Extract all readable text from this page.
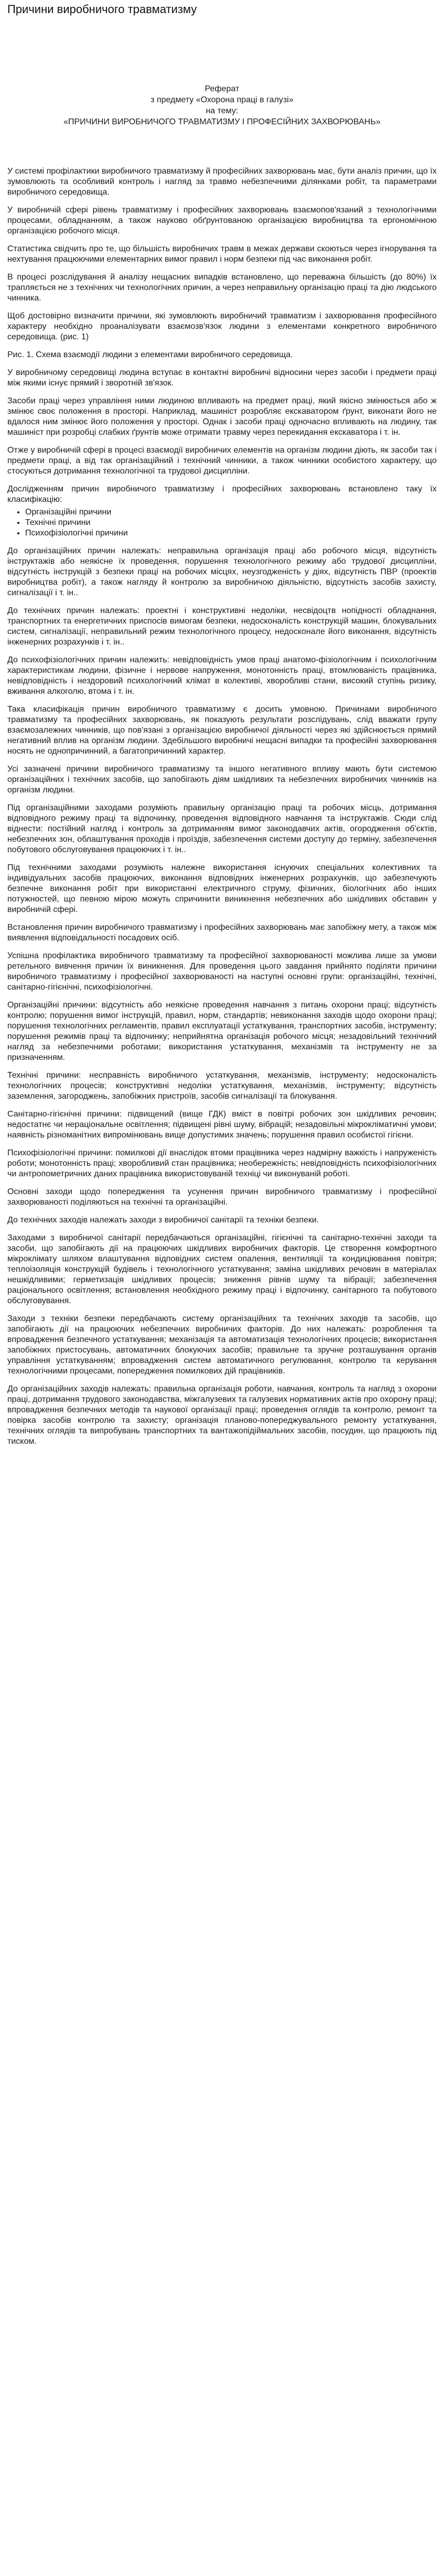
Причини виробничого травматизму

Реферат

з предмету «Охорона праці в галузі»

на тему:

«ПРИЧИНИ ВИРОБНИЧОГО ТРАВМАТИЗМУ І ПРОФЕСІЙНИХ ЗАХВОРЮВАНЬ»

У системі профілактики виробничого травматизму й професійних захворювань має, бути аналіз причин, що їх зумовлюють та особливий контроль і нагляд за травмо небезпечними ділянками робіт, та параметрами виробничого середовища.

У виробничій сфері рівень травматизму і професійних захворювань взаємопов'язаний з технологічними процесами, обладнанням, а також науково обґрунтованою організацією виробництва та ергономічною організацією робочого місця.

Статистика свідчить про те, що більшість виробничих травм в межах держави скоються через ігнорування та нехтування працюючими елементарних вимог правил і норм безпеки під час виконання робіт.

В процесі розслідування й аналізу нещасних випадків встановлено, що переважна більшість (до 80%) їх трапляється не з технічних чи технологічних причин, а через неправильну організацію праці та дію людського чинника.

Щоб достовірно визначити причини, які зумовлюють виробничий травматизм і захворювання професійного характеру необхідно проаналізувати взаємозв'язок людини з елементами конкретного виробничого середовища. (рис. 1)

Рис. 1. Схема взаємодії людини з елементами виробничого середовища.

У виробничому середовищі людина вступає в контактні виробничі відносини через засоби і предмети праці між якими існує прямий і зворотній зв'язок.

Засоби праці через управління ними людиною впливають на предмет праці, який якісно змінюється або ж змінює своє положення в просторі. Наприклад, машиніст розробляє екскаватором ґрунт, виконати його не вдалося ним змінює його положення у просторі. Однак і засоби праці одночасно впливають на людину, так машиніст при розробці слабких ґрунтів може отримати травму через перекидання екскаватора і т. ін.

Отже у виробничій сфері в процесі взаємодії виробничих елементів на організм людини діють, як засоби так і предмети праці, а від так організаційний і технічний чинники, а також чинники особистого характеру, що стосуються дотримання технологічної та трудової дисципліни.

Дослідженням причин виробничого травматизму і професійних захворювань встановлено таку їх класифікацію:

• Організаційні причини
• Технічні причини
• Психофізіологічні причини

До організаційних причин належать: неправильна організація праці або робочого місця, відсутність інструктажів або неякісне їх проведення, порушення технологічного режиму або трудової дисципліни, відсутність інструкцій з безпеки праці на робочих місцях, неузгодженість у діях, відсутність ПВР (проектів виробництва робіт), а також нагляду й контролю за виробничою діяльністю, відсутність засобів захисту, сигналізації і т. ін..

До технічних причин належать: проектні і конструктивні недоліки, несвідоцтв нопідності обладнання, транспортних та енергетичних приспосів вимогам безпеки, недосконалість конструкцій машин, блокувальних систем, сигналізації, неправильний режим технологічного процесу, недосконале його виконання, відсутність інженерних розрахунків і т. ін..

До психофізіологічних причин належить: невідповідність умов праці анатомо-фізіологічним і психологічним характеристикам людини, фізичне і нервове напруження, монотонність праці, втомлюваність працівника, невідповідність і нездоровий психологічний клімат в колективі, хворобливі стани, високий ступінь ризику, вживання алкоголю, втома і т. ін.

Така класифікація причин виробничого травматизму є досить умовною. Причинами виробничого травматизму та професійних захворювань, як показують результати розслідувань, слід вважати групу взаємозалежних чинників, що пов'язані з організацією виробничої діяльності через які здійснюється прямий негативний вплив на організм людини. Здебільшого виробничі нещасні випадки та професійні захворювання носять не однопричинний, а багатопричинний характер.

Усі зазначені причини виробничого травматизму та іншого негативного впливу мають бути системою організаційних і технічних засобів, що запобігають діям шкідливих та небезпечних виробничих чинників на організм людини.

Під організаційними заходами розуміють правильну організацію праці та робочих місць, дотримання відповідного режиму праці та відпочинку, проведення відповідного навчання та інструктажів. Сюди слід віднести: постійний нагляд і контроль за дотриманням вимог законодавчих актів, огородження об'єктів, небезпечних зон, облаштування проходів і проїздів, забезпечення системи доступу до терміну, забезпечення побутового обслуговування працюючих і т. ін..

Під технічними заходами розуміють належне використання існуючих спеціальних колективних та індивідуальних засобів працюючих, виконання відповідних інженерних розрахунків, що забезпечують безпечне виконання робіт при використанні електричного струму, фізичних, біологічних або інших потужностей, що певною мірою можуть спричинити виникнення небезпечних або шкідливих обставин у виробничій сфері.

Встановлення причин виробничого травматизму і професійних захворювань має запобіжну мету, а також між виявлення відповідальності посадових осіб.

Успішна профілактика виробничого травматизму та професійної захворюваності можлива лише за умови ретельного вивчення причин їх виникнення. Для проведення цього завдання прийнято поділяти причини виробничого травматизму і професійної захворюваності на наступні основні групи: організаційні, технічні, санітарно-гігієнічні, психофізіологічні.

Організаційні причини: відсутність або неякісне проведення навчання з питань охорони праці; відсутність контролю; порушення вимог інструкцій, правил, норм, стандартів; невиконання заходів щодо охорони праці; порушення технологічних регламентів, правил експлуатації устаткування, транспортних засобів, інструменту; порушення режимів праці та відпочинку; неприйнятна організація робочого місця; незадовільний технічний нагляд за небезпечними роботами; використання устаткування, механізмів та інструменту не за призначенням.

Технічні причини: несправність виробничого устаткування, механізмів, інструменту; недосконалість технологічних процесів; конструктивні недоліки устаткування, механізмів, інструменту; відсутність заземлення, загороджень, запобіжних пристроїв, засобів сигналізації та блокування.

Санітарно-гігієнічні причини: підвищений (вище ГДК) вміст в повітрі робочих зон шкідливих речовин; недостатнє чи нераціональне освітлення; підвищені рівні шуму, вібрацій; незадовільні мікрокліматичні умови; наявність різноманітних випромінювань вище допустимих значень; порушення правил особистої гігієни.

Психофізіологічні причини: помилкові дії внаслідок втоми працівника через надмірну важкість і напруженість роботи; монотонність праці; хворобливий стан працівника; необережність; невідповідність психофізіологічних чи антропометричних даних працівника використовуваній техніці чи виконуваній роботі.

Основні заходи щодо попередження та усунення причин виробничого травматизму і професійної захворюваності поділяються на технічні та організаційні.

До технічних заходів належать заходи з виробничої санітарії та техніки безпеки.

Заходами з виробничої санітарії передбачаються організаційні, гігієнічні та санітарно-технічні заходи та засоби, що запобігають дії на працюючих шкідливих виробничих факторів. Це створення комфортного мікроклімату шляхом влаштування відповідних систем опалення, вентиляції та кондиціювання повітря; теплоізоляція конструкцій будівель і технологічного устаткування; заміна шкідливих речовин в матеріалах нешкідливими; герметизація шкідливих процесів; зниження рівнів шуму та вібрації; забезпечення раціонального освітлення; встановлення необхідного режиму праці і відпочинку, санітарного та побутового обслуговування.

Заходи з техніки безпеки передбачають систему організаційних та технічних заходів та засобів, що запобігають дії на працюючих небезпечних виробничих факторів. До них належать: розроблення та впровадження безпечного устаткування; механізація та автоматизація технологічних процесів; використання запобіжних пристосувань, автоматичних блокуючих засобів; правильне та зручне розташування органів управління устаткуванням; впровадження систем автоматичного регулювання, контролю та керування технологічними процесами, попередження помилкових дій працівників.

До організаційних заходів належать: правильна організація роботи, навчання, контроль та нагляд з охорони праці, дотримання трудового законодавства, міжгалузевих та галузевих нормативних актів про охорону праці; впровадження безпечних методів та наукової організації праці; проведення оглядів та контролю, ремонт та повірка засобів контролю та захисту; організація планово-попереджувального ремонту устаткування, технічних оглядів та випробувань транспортних та вантажопідіймальних засобів, посудин, що працюють під тиском.
